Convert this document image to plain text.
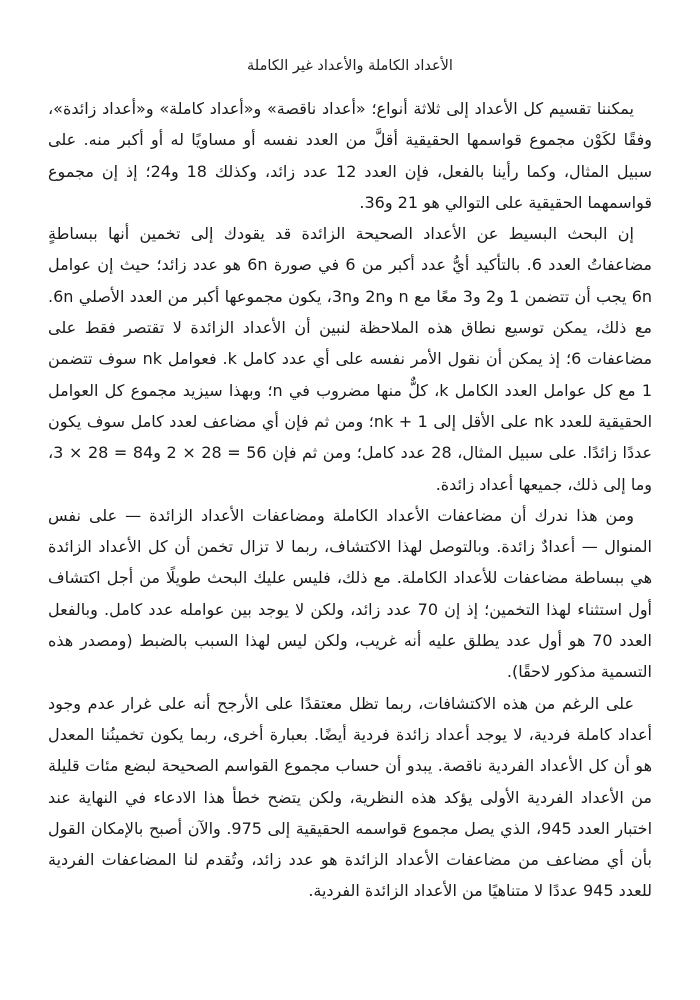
الأعداد الكاملة والأعداد غير الكاملة

يمكننا تقسيم كل الأعداد إلى ثلاثة أنواع؛ «أعداد ناقصة» و«أعداد كاملة» و«أعداد زائدة»، وفقًا لكَوْن مجموع قواسمها الحقيقية أقلَّ من العدد نفسه أو مساويًا له أو أكبر منه. على سبيل المثال، وكما رأينا بالفعل، فإن العدد 12 عدد زائد، وكذلك 18 و24؛ إذ إن مجموع قواسمهما الحقيقية على التوالي هو 21 و36.

إن البحث البسيط عن الأعداد الصحيحة الزائدة قد يقودك إلى تخمين أنها ببساطةٍ مضاعفاتُ العدد 6. بالتأكيد أيُّ عدد أكبر من 6 في صورة 6n هو عدد زائد؛ حيث إن عوامل 6n يجب أن تتضمن 1 و2 و3 معًا مع n و2n و3n، يكون مجموعها أكبر من العدد الأصلي 6n. مع ذلك، يمكن توسيع نطاق هذه الملاحظة لنبين أن الأعداد الزائدة لا تقتصر فقط على مضاعفات 6؛ إذ يمكن أن نقول الأمر نفسه على أي عدد كامل k. فعوامل nk سوف تتضمن 1 مع كل عوامل العدد الكامل k، كلٌّ منها مضروب في n؛ وبهذا سيزيد مجموع كل العوامل الحقيقية للعدد nk على الأقل إلى nk + 1؛ ومن ثم فإن أي مضاعف لعدد كامل سوف يكون عددًا زائدًا. على سبيل المثال، 28 عدد كامل؛ ومن ثم فإن 56 = 28 × 2 و84 = 28 × 3، وما إلى ذلك، جميعها أعداد زائدة.

ومن هذا ندرك أن مضاعفات الأعداد الكاملة ومضاعفات الأعداد الزائدة — على نفس المنوال — أعدادٌ زائدة. وبالتوصل لهذا الاكتشاف، ربما لا تزال تخمن أن كل الأعداد الزائدة هي ببساطة مضاعفات للأعداد الكاملة. مع ذلك، فليس عليك البحث طويلًا من أجل اكتشاف أول استثناء لهذا التخمين؛ إذ إن 70 عدد زائد، ولكن لا يوجد بين عوامله عدد كامل. وبالفعل العدد 70 هو أول عدد يطلق عليه أنه غريب، ولكن ليس لهذا السبب بالضبط (ومصدر هذه التسمية مذكور لاحقًا).

على الرغم من هذه الاكتشافات، ربما تظل معتقدًا على الأرجح أنه على غرار عدم وجود أعداد كاملة فردية، لا يوجد أعداد زائدة فردية أيضًا. بعبارة أخرى، ربما يكون تخمينُنا المعدل هو أن كل الأعداد الفردية ناقصة. يبدو أن حساب مجموع القواسم الصحيحة لبضع مئات قليلة من الأعداد الفردية الأولى يؤكد هذه النظرية، ولكن يتضح خطأ هذا الادعاء في النهاية عند اختبار العدد 945، الذي يصل مجموع قواسمه الحقيقية إلى 975. والآن أصبح بالإمكان القول بأن أي مضاعف من مضاعفات الأعداد الزائدة هو عدد زائد، وتُقدم لنا المضاعفات الفردية للعدد 945 عددًا لا متناهيًا من الأعداد الزائدة الفردية.
